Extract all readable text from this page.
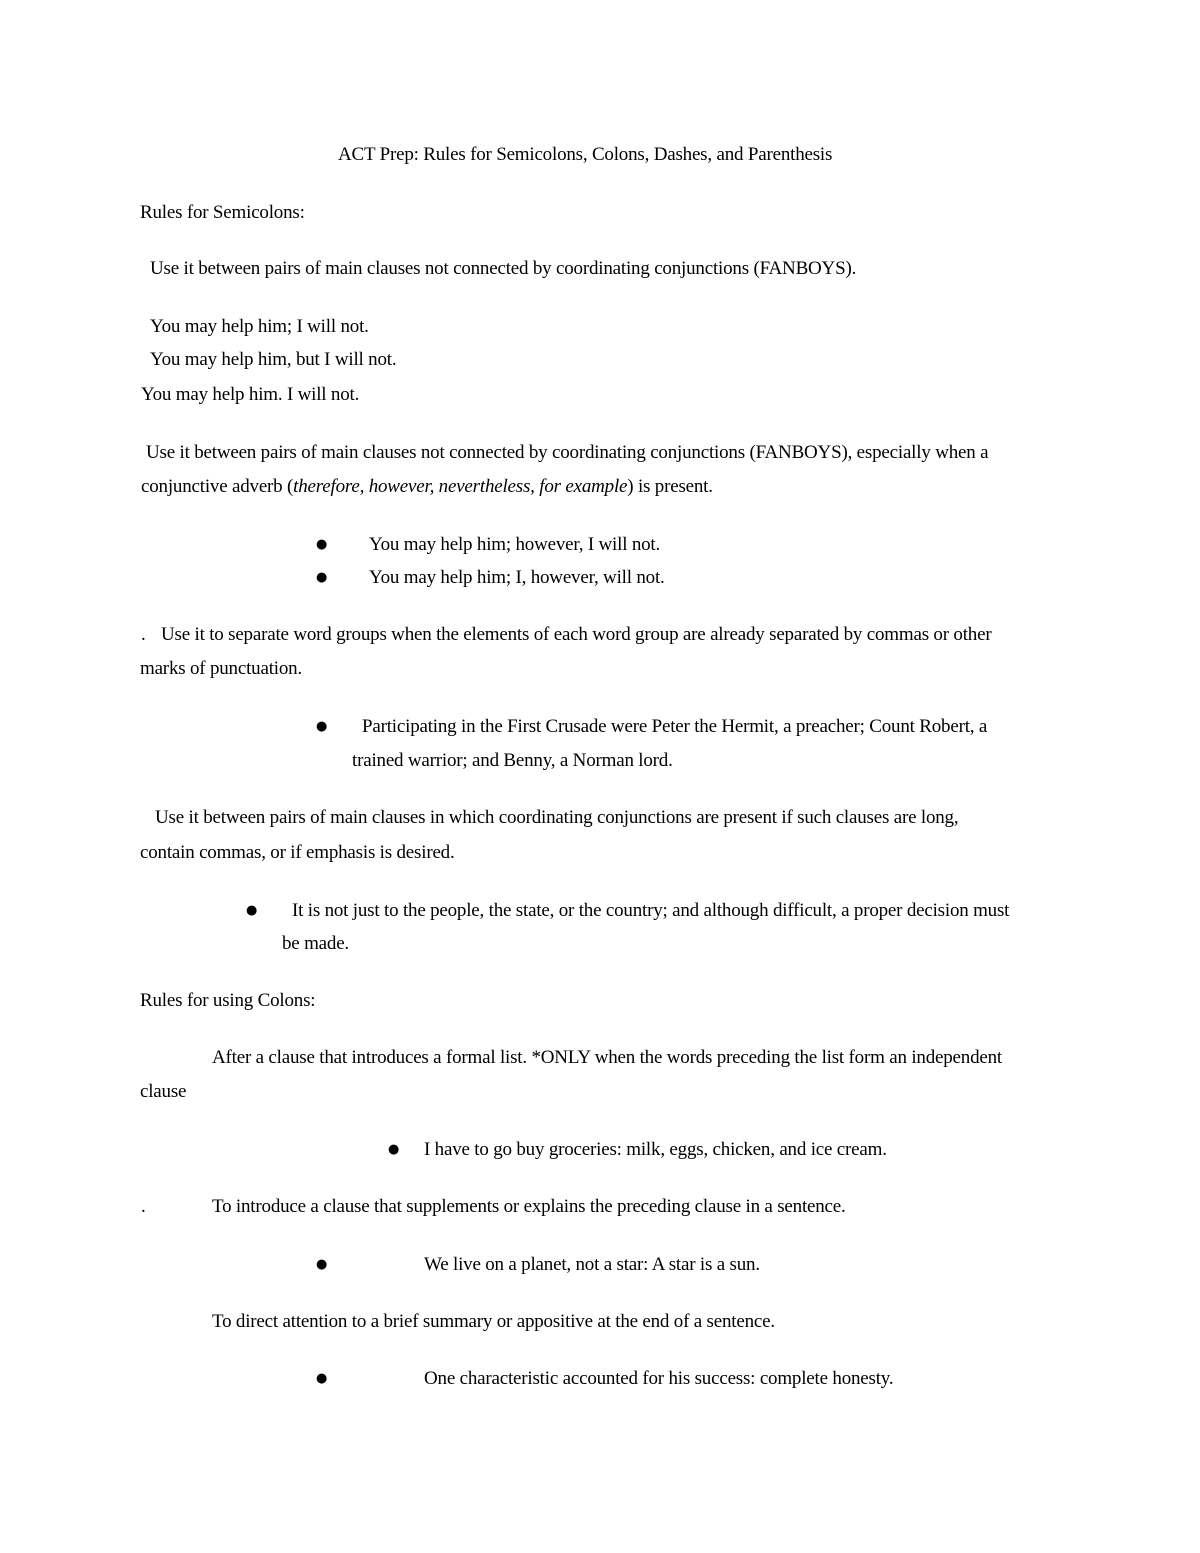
ACT Prep: Rules for Semicolons, Colons, Dashes, and Parenthesis
Rules for Semicolons:
Use it between pairs of main clauses not connected by coordinating conjunctions (FANBOYS).
You may help him; I will not.
You may help him, but I will not.
You may help him. I will not.
Use it between pairs of main clauses not connected by coordinating conjunctions (FANBOYS), especially when a
conjunctive adverb (therefore, however, nevertheless, for example) is present.
● You may help him; however, I will not.
● You may help him; I, however, will not.
. Use it to separate word groups when the elements of each word group are already separated by commas or other
marks of punctuation.
● Participating in the First Crusade were Peter the Hermit, a preacher; Count Robert, a
trained warrior; and Benny, a Norman lord.
Use it between pairs of main clauses in which coordinating conjunctions are present if such clauses are long,
contain commas, or if emphasis is desired.
● It is not just to the people, the state, or the country; and although difficult, a proper decision must
be made.
Rules for using Colons:
After a clause that introduces a formal list. *ONLY when the words preceding the list form an independent
clause
● I have to go buy groceries: milk, eggs, chicken, and ice cream.
.	To introduce a clause that supplements or explains the preceding clause in a sentence.
●	We live on a planet, not a star: A star is a sun.
To direct attention to a brief summary or appositive at the end of a sentence.
●	One characteristic accounted for his success: complete honesty.
